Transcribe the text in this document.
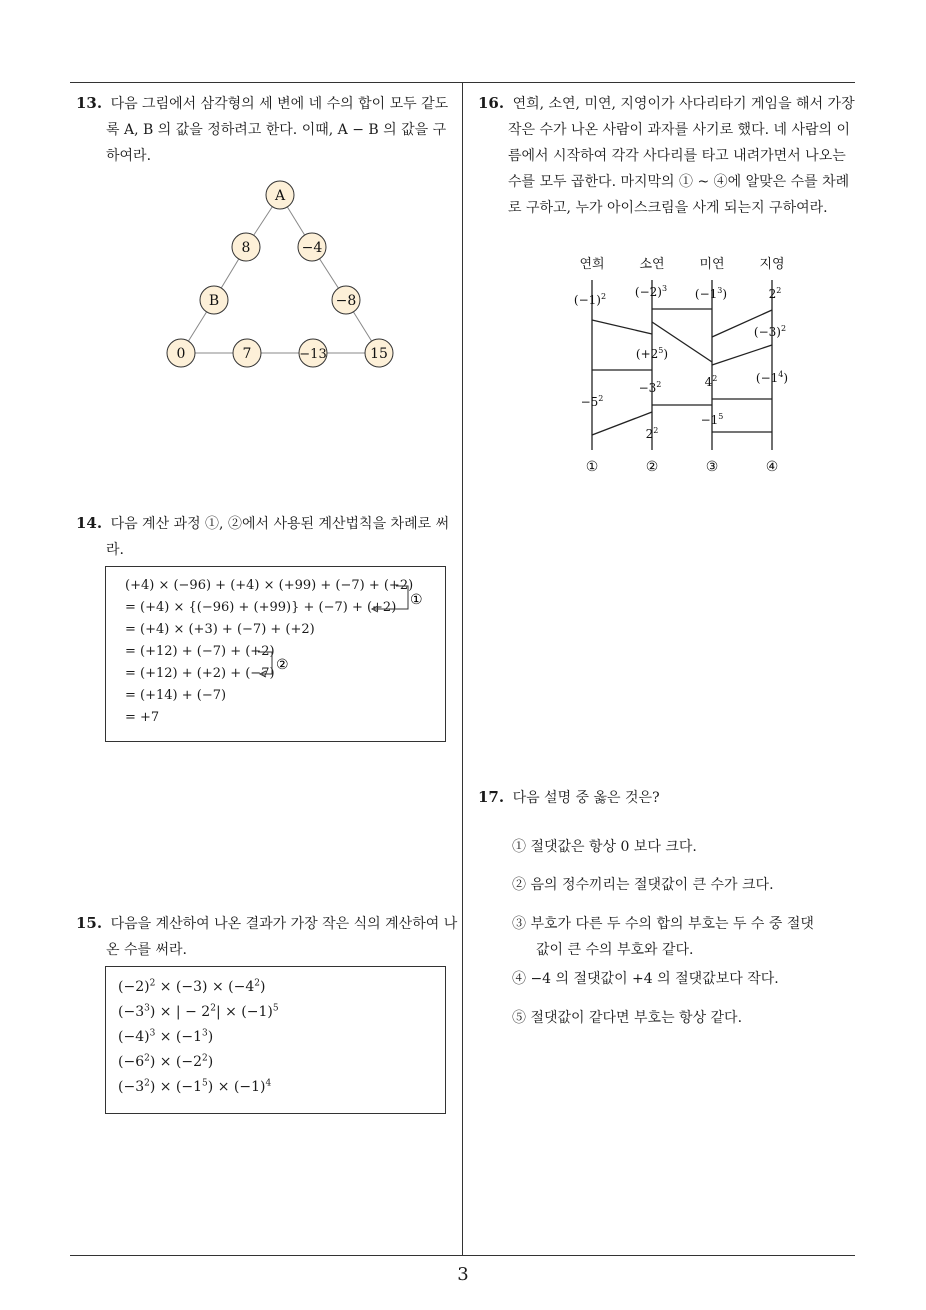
13. 다음 그림에서 삼각형의 세 변에 네 수의 합이 모두 같도록 A, B 의 값을 정하려고 한다. 이때, A − B 의 값을 구하여라.
A
8	−4
B	−8
0	7	−13	15
14. 다음 계산 과정 ①, ②에서 사용된 계산법칙을 차례로 써라.
(+4) × (−96) + (+4) × (+99) + (−7) + (+2)
= (+4) × {(−96) + (+99)} + (−7) + (+2)
= (+4) × (+3) + (−7) + (+2)
= (+12) + (−7) + (+2)
= (+12) + (+2) + (−7)
= (+14) + (−7)
= +7
①
②
15. 다음을 계산하여 나온 결과가 가장 작은 식의 계산하여 나온 수를 써라.
$(-2)^2 \times (-3) \times (-4^2)$
$(-3^3)$ × | − $2^2| \times (-1)^5$
$(-4)^3 \times (-1^3)$
$(-6^2) \times (-2^2)$
$(-3^2) \times (-1^5) \times (-1)^4$
16. 연희, 소연, 미연, 지영이가 사다리타기 게임을 해서 가장 작은 수가 나온 사람이 과자를 사기로 했다. 네 사람의 이름에서 시작하여 각각 사다리를 타고 내려가면서 나오는 수를 모두 곱한다. 마지막의 ① ~ ④에 알맞은 수를 차례로 구하고, 누가 아이스크림을 사게 되는지 구하여라.
연희	소연	미연	지영
$(-1)^2$ $(-2)^3$ $(-1^3)$	$2^2$
$(-3)^2$
$(+2^5)$
$-3^2$	$4^2$	$(-1^4)$
$-5^2$
$-1^5$
$2^2$
①	②	③	④
17. 다음 설명 중 옳은 것은?
① 절댓값은 항상 0 보다 크다.
② 음의 정수끼리는 절댓값이 큰 수가 크다.
③ 부호가 다른 두 수의 합의 부호는 두 수 중 절댓
값이 큰 수의 부호와 같다.
④ −4 의 절댓값이 +4 의 절댓값보다 작다.
⑤ 절댓값이 같다면 부호는 항상 같다.
3
